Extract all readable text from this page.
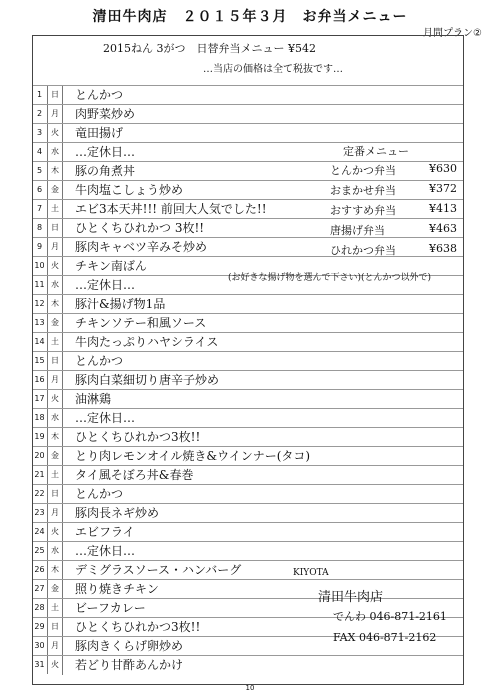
清田牛肉店　２０１５年３月　お弁当メニュー
月間プラン②
2015ねん 3がつ　日替弁当メニュー ¥542
1	日 とんかつ
2	月 肉野菜炒め
3	火 竜田揚げ
4	水 …定休日…
5	木 豚の角煮丼
6	金 牛肉塩こしょう炒め
7	土 エビ3本天丼!!! 前回大人気でした!!
8	日 ひとくちひれかつ 3枚!!
9	月 豚肉キャベツ辛みそ炒め
10 火 チキン南ばん
11 水 …定休日…
12 木 豚汁&揚げ物1品
13 金 チキンソテー和風ソース
14 土 牛肉たっぷりハヤシライス
15 日 とんかつ
16 月 豚肉白菜細切り唐辛子炒め
17 火 油淋鶏
18 水 …定休日…
19 木 ひとくちひれかつ3枚!!
20 金 とり肉レモンオイル焼き&ウインナー(タコ)
21 土 タイ風そぼろ丼&春巻
22 日 とんかつ
23 月 豚肉長ネギ炒め
24 火 エビフライ
25 水 …定休日…
26 木 デミグラスソース・ハンバーグ
27 金 照り焼きチキン
28 土 ビーフカレー
29 日 ひとくちひれかつ3枚!!
30 月 豚肉きくらげ卵炒め
31 火 若どり甘酢あんかけ
…当店の価格は全て税抜です…
(お好きな揚げ物を選んで下さい)(とんかつ以外で)
定番メニュー
とんかつ弁当	¥630
おまかせ弁当	¥372
おすすめ弁当	¥413
唐揚げ弁当	¥463
ひれかつ弁当	¥638
KIYOTA
清田牛肉店
でんわ 046-871-2161
FAX 046-871-2162
10
